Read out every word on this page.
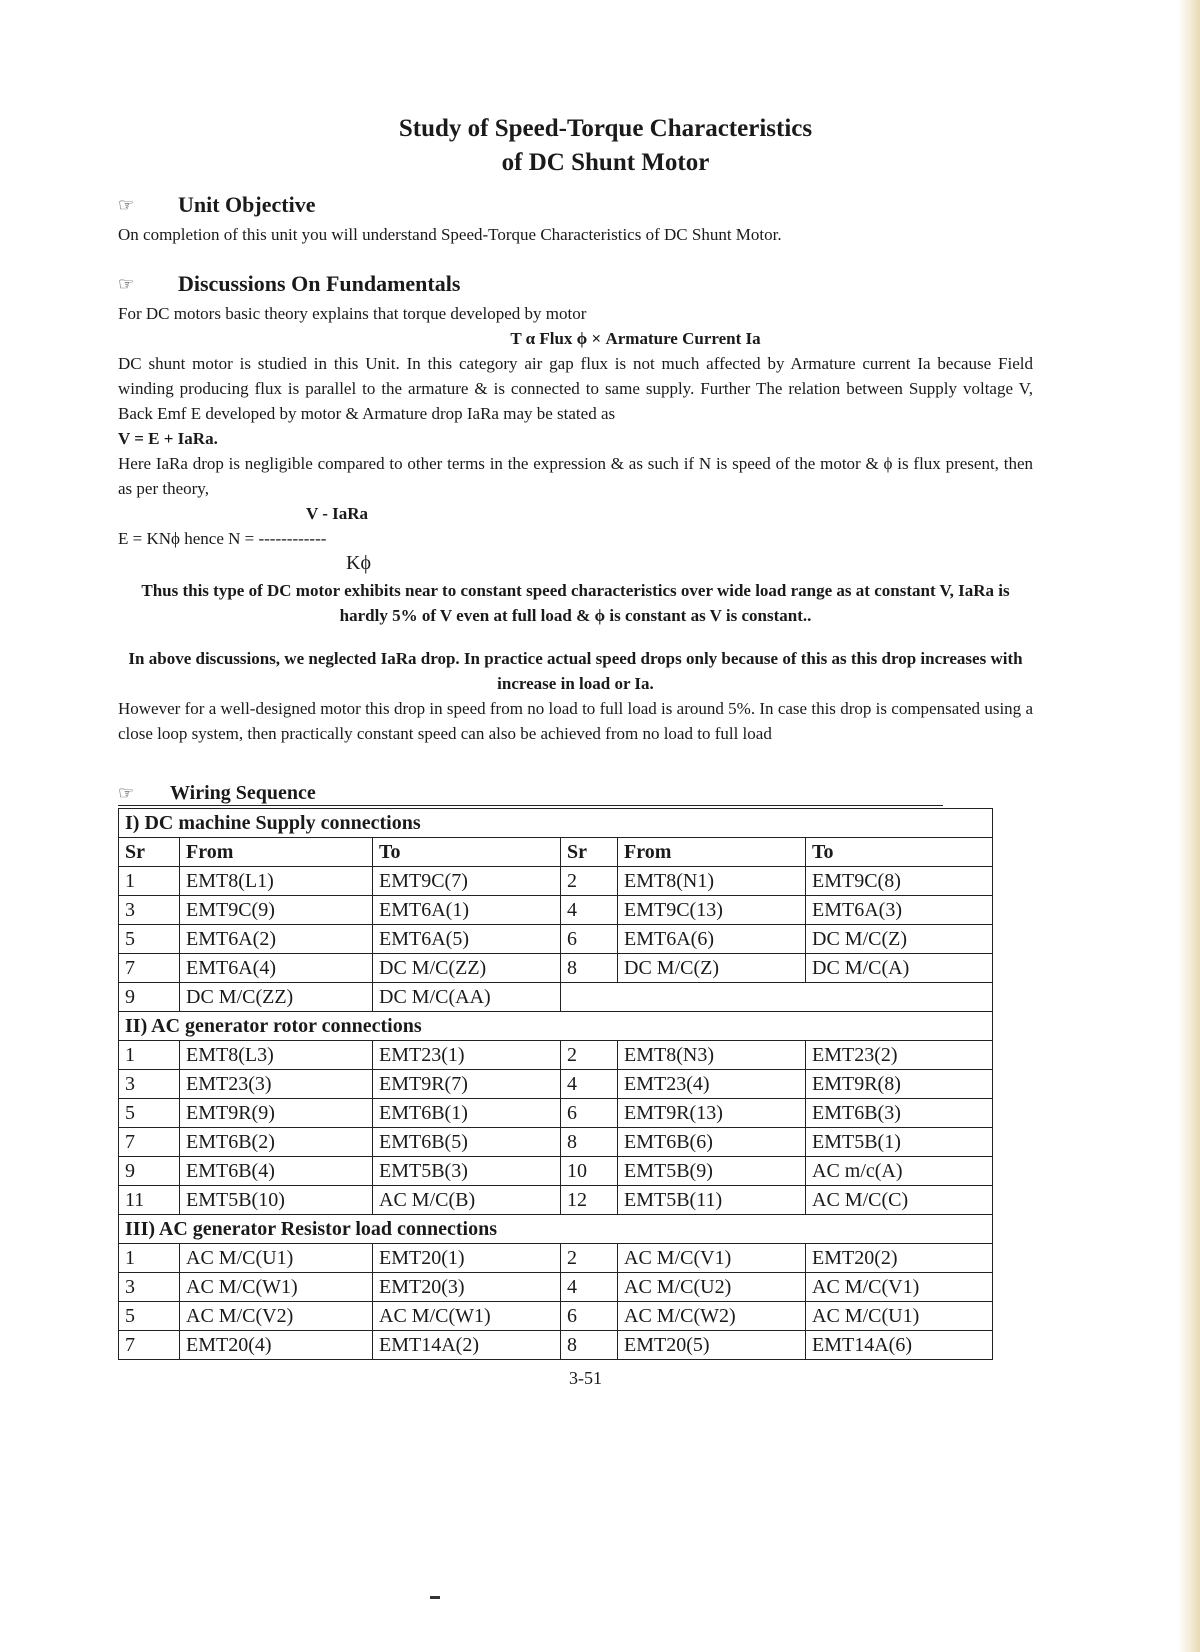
Study of Speed-Torque Characteristics
of DC Shunt Motor
☞	Unit Objective

On completion of this unit you will understand Speed-Torque Characteristics of DC Shunt Motor.

☞	Discussions On Fundamentals

For DC motors basic theory explains that torque developed by motor

T α Flux ϕ × Armature Current Ia

DC shunt motor is studied in this Unit. In this category air gap flux is not much affected by Armature current Ia because Field winding producing flux is parallel to the armature & is connected to same supply. Further The relation between Supply voltage V, Back Emf E developed by motor & Armature drop IaRa may be stated as

V = E + IaRa.

Here IaRa drop is negligible compared to other terms in the expression & as such if N is speed of the motor & ϕ is flux present, then as per theory,

V - IaRa
E = KNϕ hence N = ------------
Kϕ

Thus this type of DC motor exhibits near to constant speed characteristics over wide load range as at constant V, IaRa is hardly 5% of V even at full load & ϕ is constant as V is constant..

In above discussions, we neglected IaRa drop. In practice actual speed drops only because of this as this drop increases with increase in load or Ia.

However for a well-designed motor this drop in speed from no load to full load is around 5%. In case this drop is compensated using a close loop system, then practically constant speed can also be achieved from no load to full load

☞	Wiring Sequence
I) DC machine Supply connections					
Sr	From	To	Sr	From	To
1	EMT8(L1)	EMT9C(7)	2	EMT8(N1)	EMT9C(8)
3	EMT9C(9)	EMT6A(1)	4	EMT9C(13)	EMT6A(3)
5	EMT6A(2)	EMT6A(5)	6	EMT6A(6)	DC M/C(Z)
7	EMT6A(4)	DC M/C(ZZ)	8	DC M/C(Z)	DC M/C(A)
9	DC M/C(ZZ)	DC M/C(AA)			
II) AC generator rotor connections					
1	EMT8(L3)	EMT23(1)	2	EMT8(N3)	EMT23(2)
3	EMT23(3)	EMT9R(7)	4	EMT23(4)	EMT9R(8)
5	EMT9R(9)	EMT6B(1)	6	EMT9R(13)	EMT6B(3)
7	EMT6B(2)	EMT6B(5)	8	EMT6B(6)	EMT5B(1)
9	EMT6B(4)	EMT5B(3)	10	EMT5B(9)	AC m/c(A)
11	EMT5B(10)	AC M/C(B)	12	EMT5B(11)	AC M/C(C)
III) AC generator Resistor load connections					
1	AC M/C(U1)	EMT20(1)	2	AC M/C(V1)	EMT20(2)
3	AC M/C(W1)	EMT20(3)	4	AC M/C(U2)	AC M/C(V1)
5	AC M/C(V2)	AC M/C(W1)	6	AC M/C(W2)	AC M/C(U1)
7	EMT20(4)	EMT14A(2)	8	EMT20(5)	EMT14A(6)
3-51
